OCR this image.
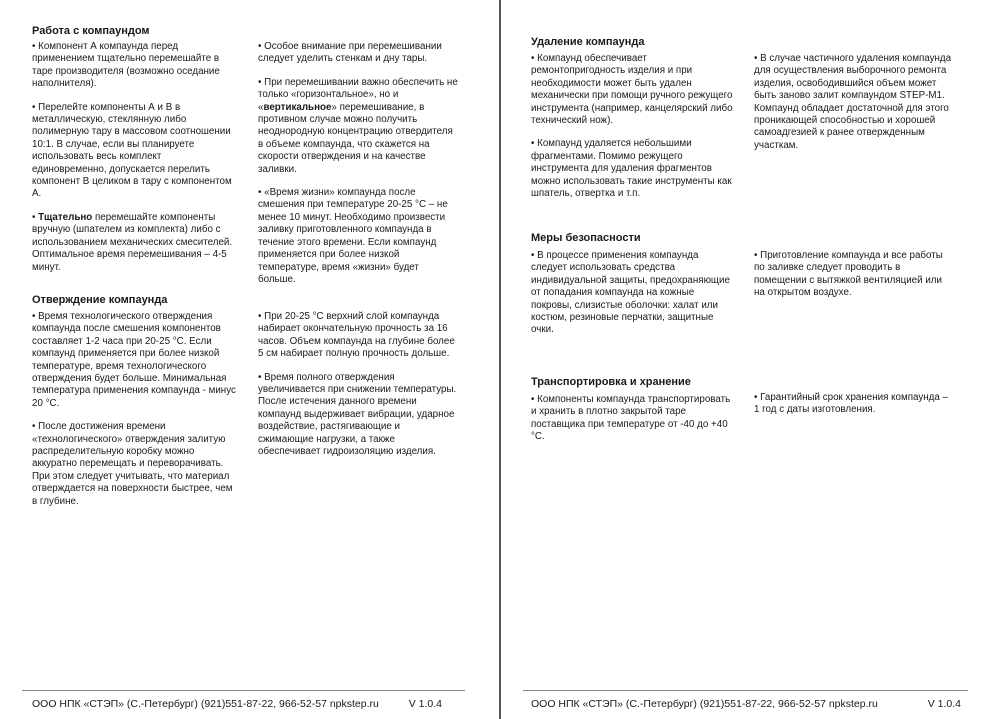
Работа с компаундом

• Компонент А компаунда перед применением тщательно перемешайте в таре производителя (возможно оседание наполнителя).

• Перелейте компоненты А и В в металлическую, стеклянную либо полимерную тару в массовом соотношении 10:1. В случае, если вы планируете использовать весь комплект единовременно, допускается перелить компонент В целиком в тару с компонентом А.

• Тщательно перемешайте компоненты вручную (шпателем из комплекта) либо с использованием механических смесителей. Оптимальное время перемешивания – 4-5 минут.

• Особое внимание при перемешивании следует уделить стенкам и дну тары.

• При перемешивании важно обеспечить не только «горизонтальное», но и «вертикальное» перемешивание, в противном случае можно получить неоднородную концентрацию отвердителя в объеме компаунда, что скажется на скорости отверждения и на качестве заливки.

• «Время жизни» компаунда после смешения при температуре 20-25 °С – не менее 10 минут. Необходимо произвести заливку приготовленного компаунда в течение этого времени. Если компаунд применяется при более низкой температуре, время «жизни» будет больше.

Отверждение компаунда

• Время технологического отверждения компаунда после смешения компонентов составляет 1-2 часа при 20-25 °С. Если компаунд применяется при более низкой температуре, время технологического отверждения будет больше. Минимальная температура применения компаунда - минус 20 °С.

• После достижения времени «технологического» отверждения залитую распределительную коробку можно аккуратно перемещать и переворачивать. При этом следует учитывать, что материал отверждается на поверхности быстрее, чем в глубине.

• При 20-25 °С верхний слой компаунда набирает окончательную прочность за 16 часов. Объем компаунда на глубине более 5 см набирает полную прочность дольше.

• Время полного отверждения увеличивается при снижении температуры. После истечения данного времени компаунд выдерживает вибрации, ударное воздействие, растягивающие и сжимающие нагрузки, а также обеспечивает гидроизоляцию изделия.

ООО НПК «СТЭП» (С.-Петербург) (921)551-87-22, 966-52-57 npkstep.ru	V 1.0.4
Удаление компаунда

• Компаунд обеспечивает ремонтопригодность изделия и при необходимости может быть удален механически при помощи ручного режущего инструмента (например, канцелярский либо технический нож).

• Компаунд удаляется небольшими фрагментами. Помимо режущего инструмента для удаления фрагментов можно использовать такие инструменты как шпатель, отвертка и т.п.

• В случае частичного удаления компаунда для осуществления выборочного ремонта изделия, освободившийся объем может быть заново залит компаундом STEP-M1. Компаунд обладает достаточной для этого проникающей способностью и хорошей самоадгезией к ранее отвержденным участкам.

Меры безопасности

• В процессе применения компаунда следует использовать средства индивидуальной защиты, предохраняющие от попадания компаунда на кожные покровы, слизистые оболочки: халат или костюм, резиновые перчатки, защитные очки.

• Приготовление компаунда и все работы по заливке следует проводить в помещении с вытяжкой вентиляцией или на открытом воздухе.

Транспортировка и хранение

• Компоненты компаунда транспортировать и хранить в плотно закрытой таре поставщика при температуре от -40 до +40 °С.

• Гарантийный срок хранения компаунда – 1 год с даты изготовления.

ООО НПК «СТЭП» (С.-Петербург) (921)551-87-22, 966-52-57 npkstep.ru	V 1.0.4
